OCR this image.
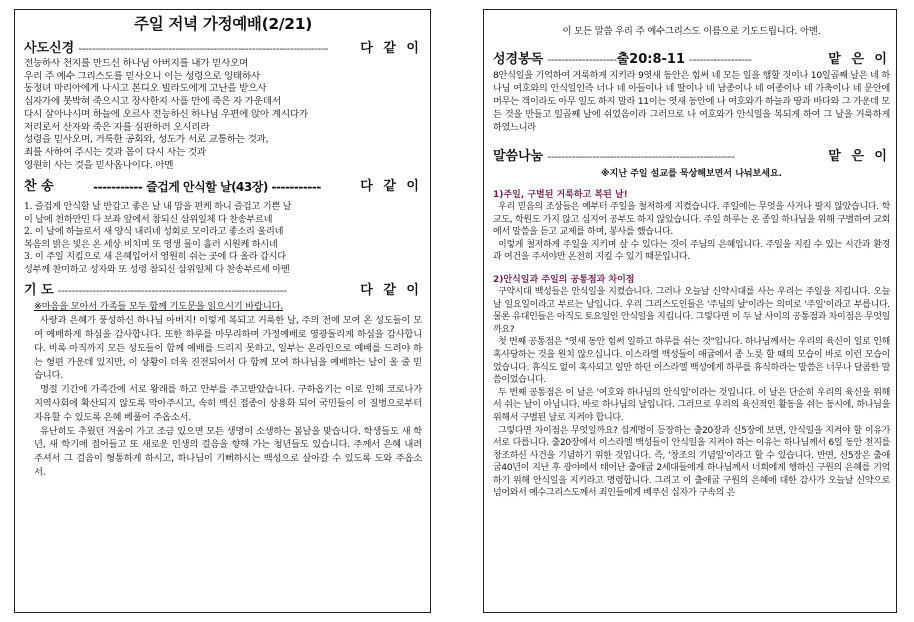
주일 저녁 가정예배(2/21)
사도신경 ------------------------------------------------------------------------	다 같 이
전능하사 천지를 만드신 하나님 아버지를 내가 믿사오며
우리 주 예수 그리스도를 믿사오니 이는 성령으로 잉태하사
동정녀 마리아에게 나시고 본디오 빌라도에게 고난을 받으사
십자가에 못박혀 죽으시고 장사한지 사흘 만에 죽은 자 가운데서
다시 살아나시며 하늘에 오르사 전능하신 하나님 우편에 앉아 계시다가
저리로서 산자와 죽은 자를 심판하러 오시리라
성령을 믿사오며, 거룩한 공회와, 성도가 서로 교통하는 것과,
죄를 사하여 주시는 것과 몸이 다시 사는 것과
영원히 사는 것을 믿사옵나이다. 아멘
찬 송	----------- 즐겁게 안식할 날(43장) -----------	다 같 이
1. 즐겁게 안식할 날 반갑고 좋은 날 내 맘을 편케 하니 즐겁고 기쁜 날
이 날에 천하만민 다 보좌 앞에서 참되신 삼위일체 다 찬송부르네
2. 이 날에 하늘로서 새 양식 내리네 성회로 모이라고 좋소리 울리네
복음의 밝은 빛은 온 세상 비치며 또 영생 물이 흘러 시원케 하시네
3. 이 주일 지킴으로 새 은혜입어서 영원히 쉬는 곳에 다 올라 갑시다
성부께 찬미하고 성자와 또 성령 참되신 삼위일체 다 찬송부르세 아멘
기 도 ------------------------------------------------------------------	다 같 이

※마음을 모아서 가족들 모두 함께 기도문을 읽으시기 바랍니다.

사랑과 은혜가 풍성하신 하나님 아버지! 이렇게 복되고 거룩한 날, 주의 전에 모여 온 성도들이 모여 예배하게 하심을 감사합니다. 또한 하루를 마무리하며 가정예배로 영광돌리게 하심을 감사합니다. 비록 아직까지 모든 성도들이 함께 예배를 드리지 못하고, 일부는 온라인으로 예배를 드려야 하는 형편 가운데 있지만, 이 상황이 더욱 진전되어서 다 함께 모여 하나님을 예배하는 날이 올 줄 믿습니다.

명절 기간에 가족간에 서로 왕래를 하고 안부를 주고받았습니다. 구하옵기는 이로 인해 코로나가 지역사회에 확산되지 않도록 막아주시고, 속히 백신 접종이 상용화 되어 국민들이 이 질병으로부터 자유할 수 있도록 은혜 베풀어 주옵소서.

유난히도 추웠던 겨울이 가고 조금 있으면 모든 생명이 소생하는 봄날을 맞습니다. 학생들도 새 학년, 새 학기에 접어들고 또 새로운 인생의 걸음을 향해 가는 청년들도 있습니다. 주께서 은혜 내려 주셔서 그 걸음이 형통하게 하시고, 하나님이 기뻐하시는 백성으로 살아갈 수 있도록 도와 주옵소서.

이 모든 말씀 우리 주 예수그리스도 이름으로 기도드립니다. 아멘.
성경봉독 -------------------- 출20:8-11 ------------------	맡 은 이

8안식일을 기억하여 거룩하게 지키라 9엿새 동안은 힘써 네 모든 일을 행할 것이나 10일곱째 날은 네 하나님 여호와의 안식일인즉 너나 네 아들이나 네 딸이나 네 남종이나 네 여종이나 네 가축이나 네 문안에 머무는 객이라도 아무 일도 하지 말라 11이는 엿새 동안에 나 여호와가 하늘과 땅과 바다와 그 가운데 모든 것을 만들고 일곱째 날에 쉬었음이라 그러므로 나 여호와가 안식일을 복되게 하여 그 날을 거룩하게 하였느니라

말씀나눔 ------------------------------------------------------	맡 은 이
※지난 주일 설교를 묵상해보면서 나눠보세요.
1)주일, 구별된 거룩하고 복된 날!

우리 믿음의 조상들은 예부터 주일을 철저하게 지켰습니다. 주일에는 무엇을 사거나 팔지 않았습니다. 학교도, 학원도 가지 않고 심지어 공부도 하지 않았습니다. 주일 하루는 온 종일 하나님을 위해 구별하여 교회에서 말씀을 듣고 교제를 하며, 봉사를 했습니다.

이렇게 철저하게 주일을 지키며 살 수 있다는 것이 주님의 은혜입니다. 주일을 지킬 수 있는 시간과 환경과 여건을 주셔야만 온전히 지킬 수 있기 때문입니다.

2)안식일과 주일의 공통점과 차이점

구약시대 백성들은 안식일을 지켰습니다. 그러나 오늘날 신약시대를 사는 우리는 주일을 지킵니다. 오늘날 일요일이라고 부르는 날입니다. 우리 그리스도인들은 '주님의 날'이라는 의미로 '주일'이라고 부릅니다. 물론 유대인들은 아직도 토요일인 안식일을 지킵니다. 그렇다면 이 두 날 사이의 공통점과 차이점은 무엇일까요?

첫 번째 공통점은 "엿새 동안 힘써 일하고 하루를 쉬는 것"입니다. 하나님께서는 우리의 육신이 일로 인해 혹사당하는 것을 원치 않으십니다. 이스라엘 백성들이 애굽에서 종 노릇 할 때의 모습이 바로 이런 모습이었습니다. 휴식도 없이 혹사되고 일만 하던 이스라엘 백성에게 하루를 휴식하라는 말씀은 너무나 달콤한 말씀이었습니다.

두 번째 공통점은 이 날은 '여호와 하나님의 안식일'이라는 것입니다. 이 날은 단순히 우리의 육신을 위해서 쉬는 날이 아닙니다. 바로 하나님의 날입니다. 그러므로 우리의 육신적인 활동을 쉬는 동시에, 하나님을 위해서 구별된 날로 지켜야 합니다.

그렇다면 차이점은 무엇일까요? 십계명이 등장하는 출20장과 신5장에 보면, 안식일을 지켜야 할 이유가 서로 다릅니다. 출20장에서 이스라엘 백성들이 안식일을 지켜야 하는 이유는 하나님께서 6일 동안 천지를 창조하신 사건을 기념하기 위한 것입니다. 즉, '창조의 기념일'이라고 할 수 있습니다. 반면, 신5장은 출애굽40년이 지난 후 광야에서 태어난 출애굽 2세대들에게 하나님께서 너희에게 행하신 구원의 은혜를 기억하기 위해 안식일을 지키라고 명령합니다. 그리고 이 출애굽 구원의 은혜에 대한 감사가 오늘날 신약으로 넘어와서 예수그리스도께서 죄인들에게 베푸신 십자가 구속의 은
